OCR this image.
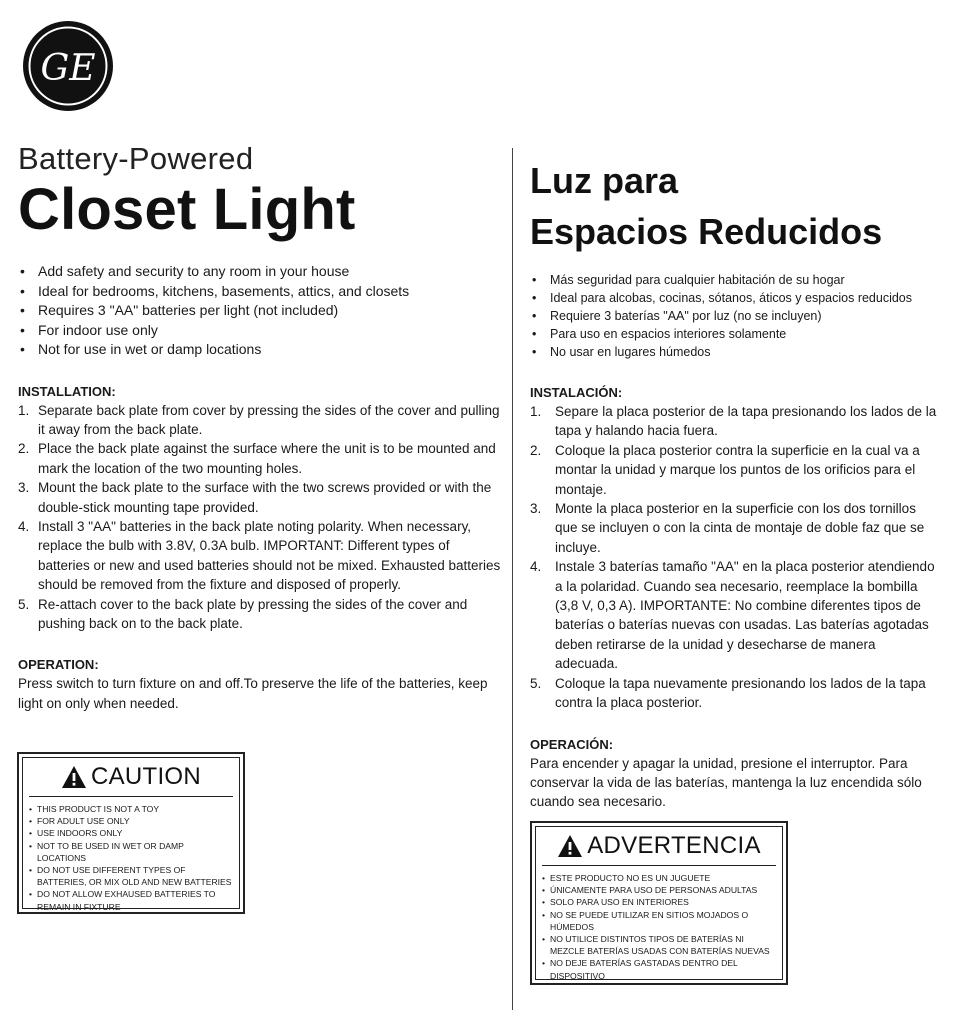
GE
Battery-Powered
Closet Light
• Add safety and security to any room in your house
• Ideal for bedrooms, kitchens, basements, attics, and closets
• Requires 3 "AA" batteries per light (not included)
• For indoor use only
• Not for use in wet or damp locations
INSTALLATION:
1. Separate back plate from cover by pressing the sides of the cover and pulling it away from the back plate.
2. Place the back plate against the surface where the unit is to be mounted and mark the location of the two mounting holes.
3. Mount the back plate to the surface with the two screws provided or with the double-stick mounting tape provided.
4. Install 3 "AA" batteries in the back plate noting polarity. When necessary, replace the bulb with 3.8V, 0.3A bulb. IMPORTANT: Different types of batteries or new and used batteries should not be mixed. Exhausted batteries should be removed from the fixture and disposed of properly.
5. Re-attach cover to the back plate by pressing the sides of the cover and pushing back on to the back plate.
OPERATION:

Press switch to turn fixture on and off.To preserve the life of the batteries, keep light on only when needed.

CAUTION
• THIS PRODUCT IS NOT A TOY
• FOR ADULT USE ONLY
• USE INDOORS ONLY
• NOT TO BE USED IN WET OR DAMP LOCATIONS
• DO NOT USE DIFFERENT TYPES OF BATTERIES, OR MIX OLD AND NEW BATTERIES
• DO NOT ALLOW EXHAUSED BATTERIES TO REMAIN IN FIXTURE
Luz para
Espacios Reducidos
• Más seguridad para cualquier habitación de su hogar
• Ideal para alcobas, cocinas, sótanos, áticos y espacios reducidos
• Requiere 3 baterías "AA" por luz (no se incluyen)
• Para uso en espacios interiores solamente
• No usar en lugares húmedos
INSTALACIÓN:
1. Separe la placa posterior de la tapa presionando los lados de la tapa y halando hacia fuera.
2. Coloque la placa posterior contra la superficie en la cual va a montar la unidad y marque los puntos de los orificios para el montaje.
3. Monte la placa posterior en la superficie con los dos tornillos que se incluyen o con la cinta de montaje de doble faz que se incluye.
4. Instale 3 baterías tamaño "AA" en la placa posterior atendiendo a la polaridad. Cuando sea necesario, reemplace la bombilla (3,8 V, 0,3 A). IMPORTANTE: No combine diferentes tipos de baterías o baterías nuevas con usadas. Las baterías agotadas deben retirarse de la unidad y desecharse de manera adecuada.
5. Coloque la tapa nuevamente presionando los lados de la tapa contra la placa posterior.
OPERACIÓN:

Para encender y apagar la unidad, presione el interruptor. Para conservar la vida de las baterías, mantenga la luz encendida sólo cuando sea necesario.

ADVERTENCIA
• ESTE PRODUCTO NO ES UN JUGUETE
• ÚNICAMENTE PARA USO DE PERSONAS ADULTAS
• SOLO PARA USO EN INTERIORES
• NO SE PUEDE UTILIZAR EN SITIOS MOJADOS O HÚMEDOS
• NO UTILICE DISTINTOS TIPOS DE BATERÍAS NI MEZCLE BATERÍAS USADAS CON BATERÍAS NUEVAS
• NO DEJE BATERÍAS GASTADAS DENTRO DEL DISPOSITIVO
